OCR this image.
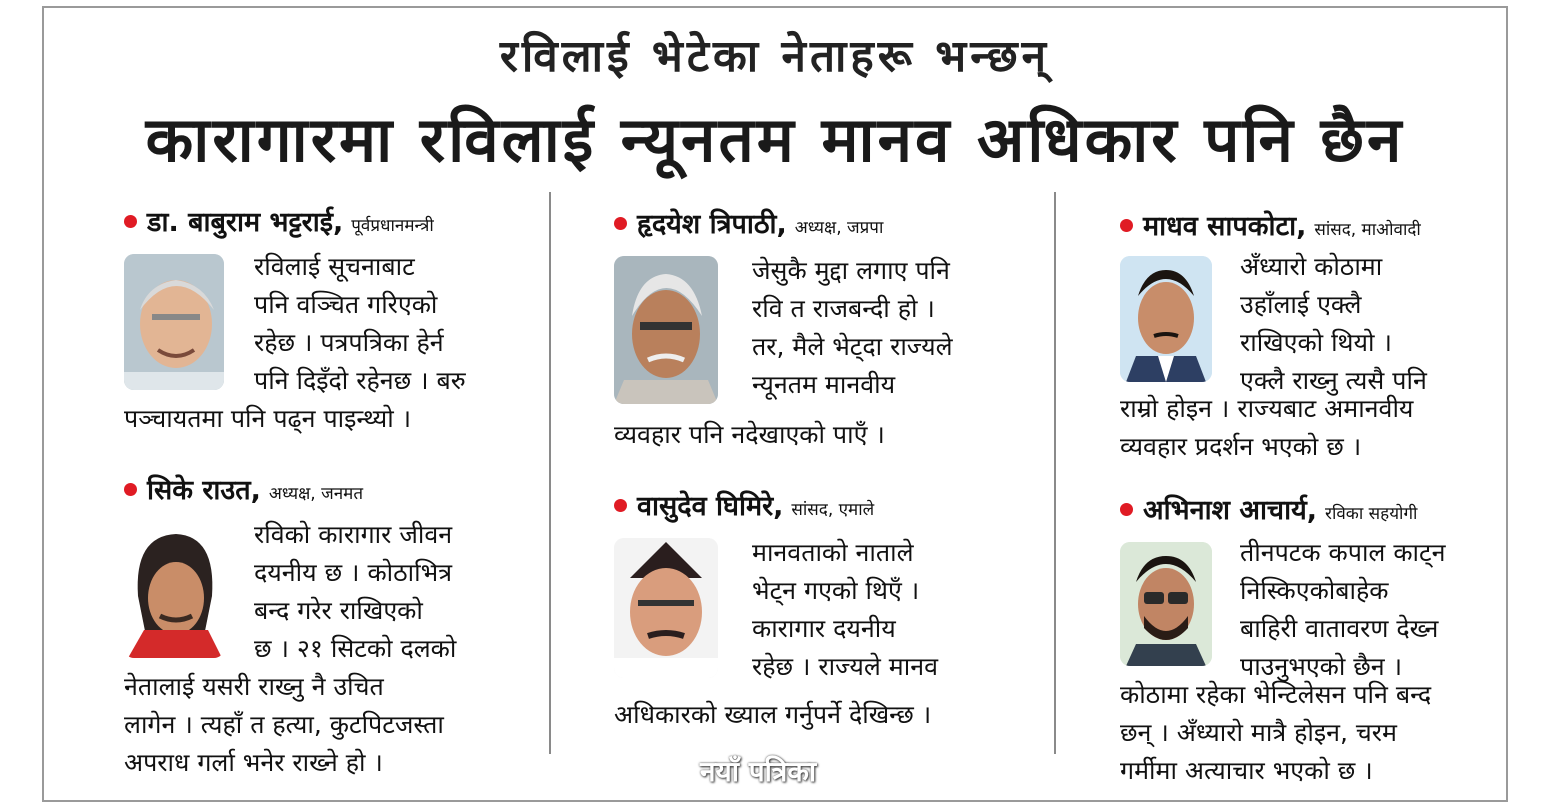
रविलाई भेटेका नेताहरू भन्छन्
कारागारमा रविलाई न्यूनतम मानव अधिकार पनि छैन
डा. बाबुराम भट्टराई, पूर्वप्रधानमन्त्री
रविलाई सूचनाबाट
पनि वञ्चित गरिएको
रहेछ । पत्रपत्रिका हेर्न
पनि दिइँदो रहेनछ । बरु
पञ्चायतमा पनि पढ्न पाइन्थ्यो ।
सिके राउत, अध्यक्ष, जनमत
रविको कारागार जीवन
दयनीय छ । कोठाभित्र
बन्द गरेर राखिएको
छ । २१ सिटको दलको
नेतालाई यसरी राख्नु नै उचित
लागेन । त्यहाँ त हत्या, कुटपिटजस्ता
अपराध गर्ला भनेर राख्ने हो ।
हृदयेश त्रिपाठी, अध्यक्ष, जप्रपा
जेसुकै मुद्दा लगाए पनि
रवि त राजबन्दी हो ।
तर, मैले भेट्दा राज्यले
न्यूनतम मानवीय
व्यवहार पनि नदेखाएको पाएँ ।
वासुदेव घिमिरे, सांसद, एमाले
मानवताको नाताले
भेट्न गएको थिएँ ।
कारागार दयनीय
रहेछ । राज्यले मानव
अधिकारको ख्याल गर्नुपर्ने देखिन्छ ।
माधव सापकोटा, सांसद, माओवादी
अँध्यारो कोठामा
उहाँलाई एक्लै
राखिएको थियो ।
एक्लै राख्नु त्यसै पनि
राम्रो होइन । राज्यबाट अमानवीय
व्यवहार प्रदर्शन भएको छ ।
अभिनाश आचार्य, रविका सहयोगी
तीनपटक कपाल काट्न
निस्किएकोबाहेक
बाहिरी वातावरण देख्न
पाउनुभएको छैन ।
कोठामा रहेका भेन्टिलेसन पनि बन्द
छन् । अँध्यारो मात्रै होइन, चरम
गर्मीमा अत्याचार भएको छ ।
नयाँ पत्रिका
